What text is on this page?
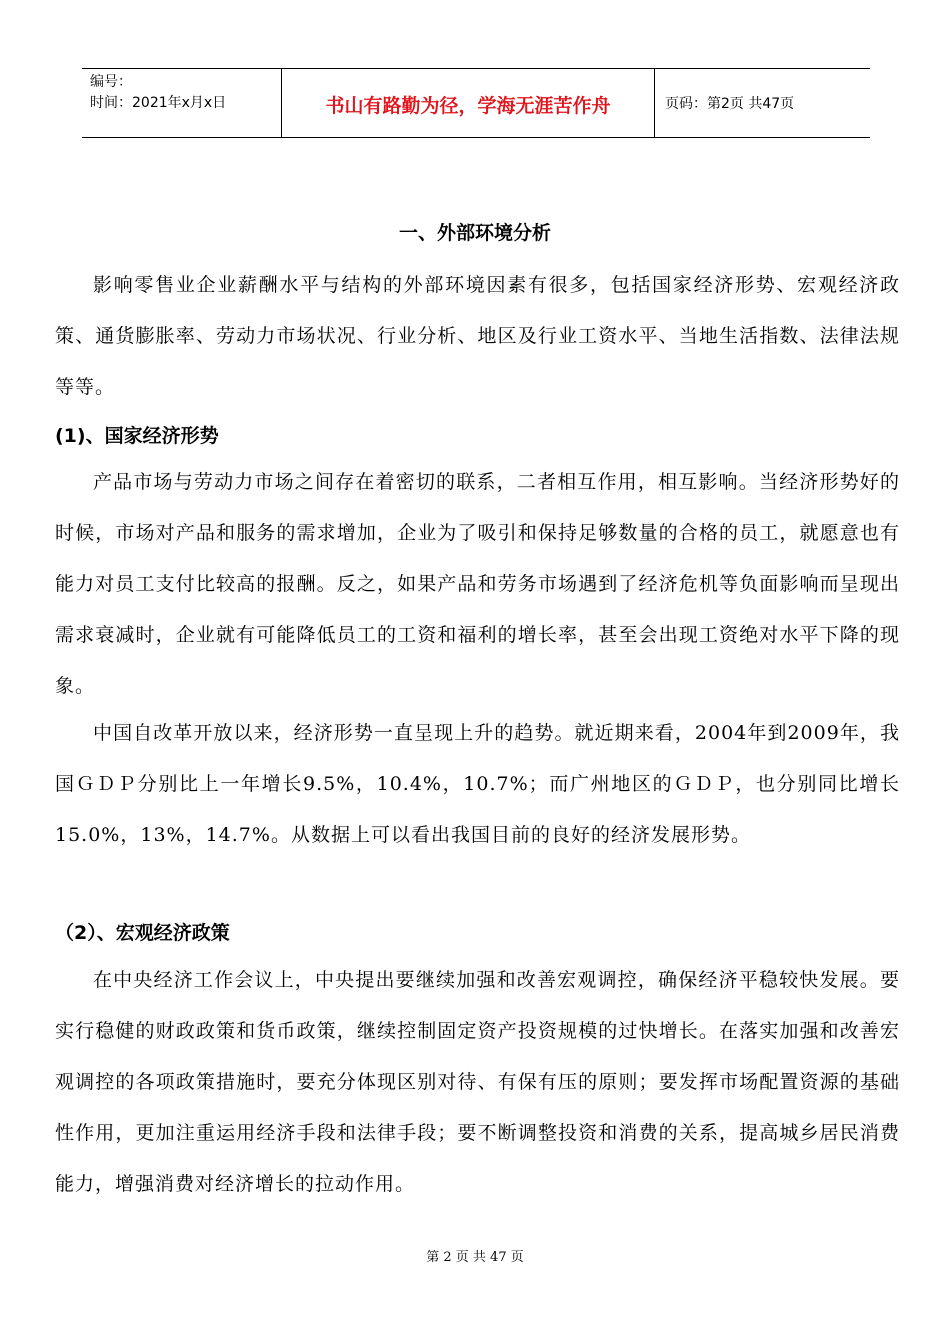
编号：
时间：2021年x月x日	书山有路勤为径，学海无涯苦作舟	页码：第2页 共47页
一、外部环境分析

影响零售业企业薪酬水平与结构的外部环境因素有很多，包括国家经济形势、宏观经济政策、通货膨胀率、劳动力市场状况、行业分析、地区及行业工资水平、当地生活指数、法律法规等等。

(1)、国家经济形势

产品市场与劳动力市场之间存在着密切的联系，二者相互作用，相互影响。当经济形势好的时候，市场对产品和服务的需求增加，企业为了吸引和保持足够数量的合格的员工，就愿意也有能力对员工支付比较高的报酬。反之，如果产品和劳务市场遇到了经济危机等负面影响而呈现出需求衰减时，企业就有可能降低员工的工资和福利的增长率，甚至会出现工资绝对水平下降的现象。

中国自改革开放以来，经济形势一直呈现上升的趋势。就近期来看，2004年到2009年，我国ＧＤＰ分别比上一年增长9.5%，10.4%，10.7%；而广州地区的ＧＤＰ，也分别同比增长15.0%，13%，14.7%。从数据上可以看出我国目前的良好的经济发展形势。

（2）、宏观经济政策

在中央经济工作会议上，中央提出要继续加强和改善宏观调控，确保经济平稳较快发展。要实行稳健的财政政策和货币政策，继续控制固定资产投资规模的过快增长。在落实加强和改善宏观调控的各项政策措施时，要充分体现区别对待、有保有压的原则；要发挥市场配置资源的基础性作用，更加注重运用经济手段和法律手段；要不断调整投资和消费的关系，提高城乡居民消费能力，增强消费对经济增长的拉动作用。

第 2 页 共 47 页
